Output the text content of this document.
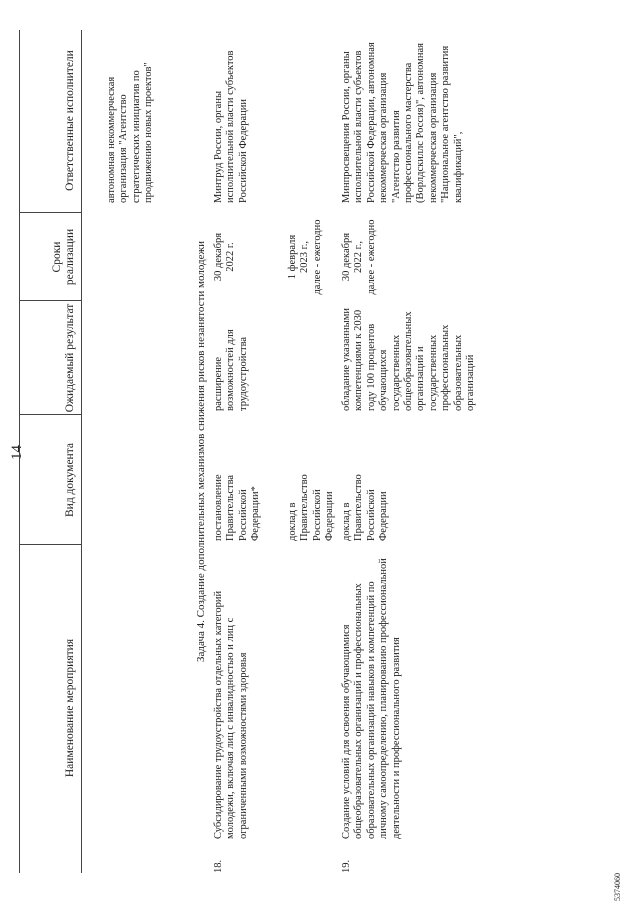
14
Наименование мероприятия
Вид документа
Ожидаемый результат
Сроки
реализации
Ответственные исполнители	автономная некоммерческая организация "Агентство стратегических инициатив по продвижению новых проектов"
Задача 4. Создание дополнительных механизмов снижения рисков незанятости молодежи
18.
Субсидирование трудоустройства отдельных категорий молодежи, включая лиц с инвалидностью и лиц с ограниченными возможностями здоровья
постановление Правительства Российской Федерации* доклад в Правительство Российской Федерации
расширение возможностей для трудоустройства
30 декабря
2022 г.
1 февраля
2023 г.,
далее - ежегодно
Минтруд России, органы исполнительной власти субъектов Российской Федерации
19.
Создание условий для освоения обучающимися общеобразовательных организаций и профессиональных образовательных организаций навыков и компетенций по личному самоопределению, планированию профессиональной деятельности и профессионального развития
доклад в Правительство Российской Федерации
обладание указанными компетенциями к 2030 году 100 процентов обучающихся государственных общеобразовательных организаций и государственных профессиональных образовательных организаций
30 декабря
2022 г.,
далее - ежегодно
Минпросвещения России, органы исполнительной власти субъектов Российской Федерации, автономная некоммерческая организация "Агентство развития профессионального мастерства (Ворлдскиллс Россия)", автономная некоммерческая организация "Национальное агентство развития квалификаций",
5374060
